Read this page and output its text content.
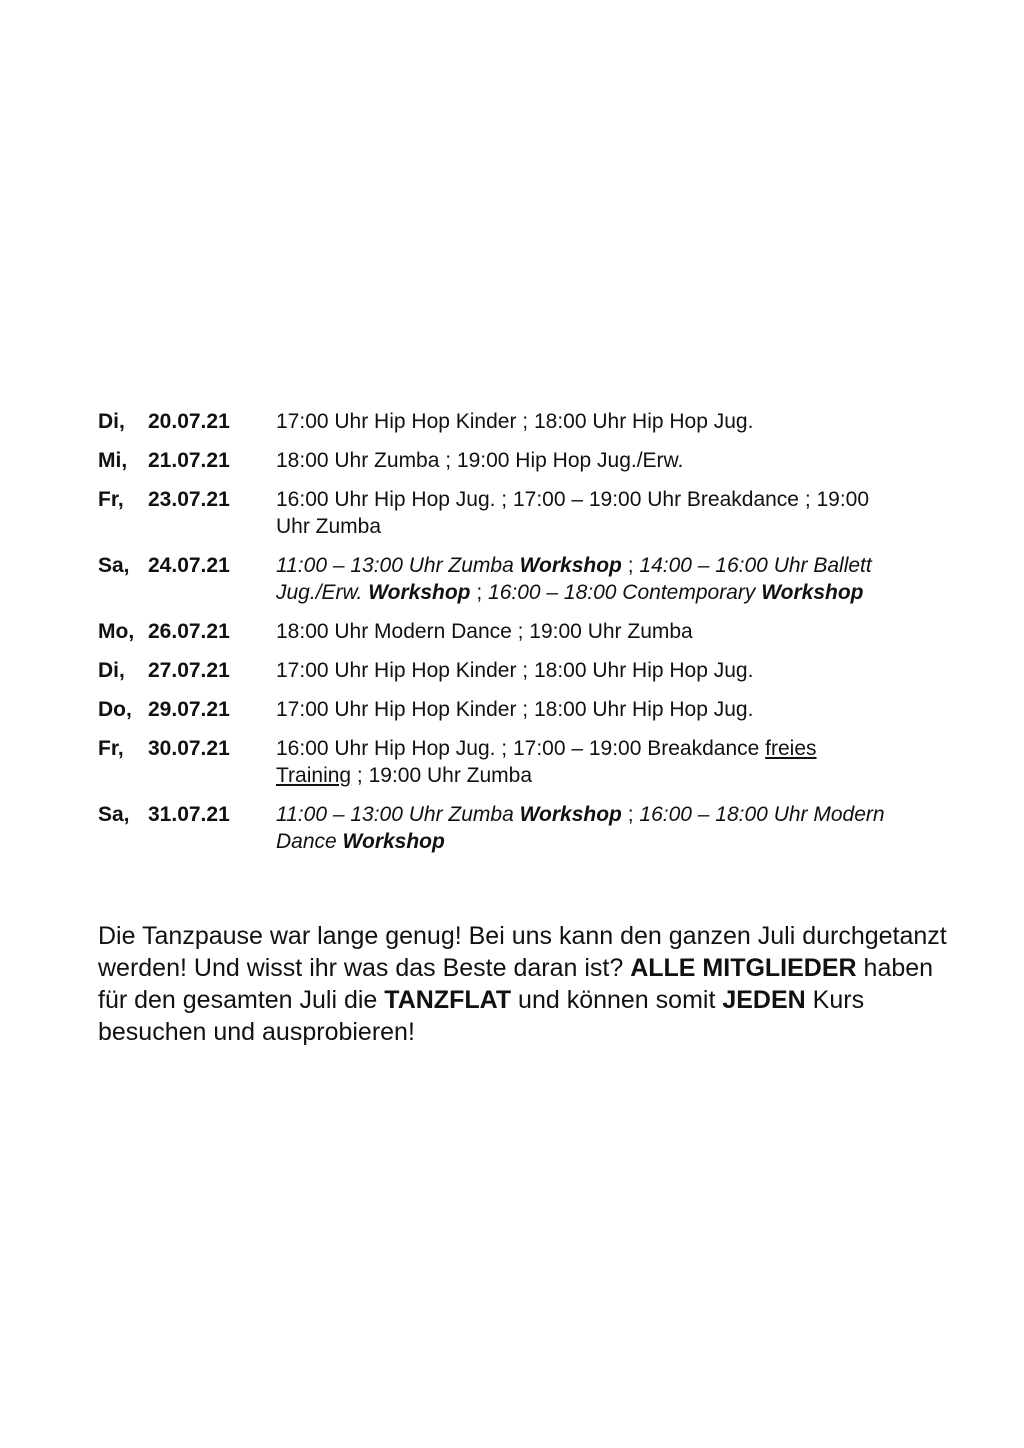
Di,	20.07.21	17:00 Uhr Hip Hop Kinder ; 18:00 Uhr Hip Hop Jug.
Mi, 21.07.21	18:00 Uhr Zumba ; 19:00 Hip Hop Jug./Erw.
Fr,	23.07.21	16:00 Uhr Hip Hop Jug. ; 17:00 – 19:00 Uhr Breakdance ; 19:00 Uhr Zumba
Sa, 24.07.21	11:00 – 13:00 Uhr Zumba Workshop ; 14:00 – 16:00 Uhr Ballett Jug./Erw. Workshop ; 16:00 – 18:00 Contemporary Workshop
Mo, 26.07.21	18:00 Uhr Modern Dance ; 19:00 Uhr Zumba
Di,	27.07.21	17:00 Uhr Hip Hop Kinder ; 18:00 Uhr Hip Hop Jug.
Do, 29.07.21	17:00 Uhr Hip Hop Kinder ; 18:00 Uhr Hip Hop Jug.
Fr,	30.07.21	16:00 Uhr Hip Hop Jug. ; 17:00 – 19:00 Breakdance freies Training ; 19:00 Uhr Zumba
Sa, 31.07.21	11:00 – 13:00 Uhr Zumba Workshop ; 16:00 – 18:00 Uhr Modern Dance Workshop

Die Tanzpause war lange genug! Bei uns kann den ganzen Juli durchgetanzt werden! Und wisst ihr was das Beste daran ist? ALLE MITGLIEDER haben für den gesamten Juli die TANZFLAT und können somit JEDEN Kurs besuchen und ausprobieren!
